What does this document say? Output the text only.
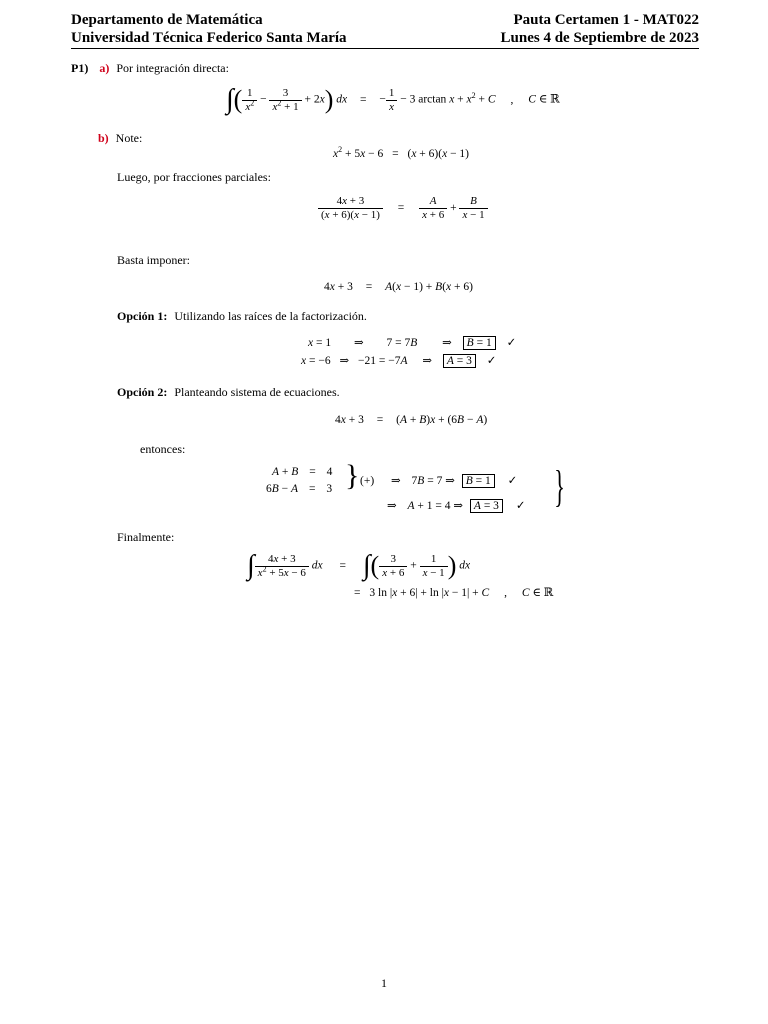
Departamento de Matemática
Universidad Técnica Federico Santa María
Pauta Certamen 1 - MAT022
Lunes 4 de Septiembre de 2023
P1) a) Por integración directa:
∫( $\frac{1}{x^2} - \frac{3}{x^2 + 1} + 2x$) dx = − $\frac{1}{x} - 3$ $\arctan x + x^2 + C$ , C ∈ ℝ
b) Note:
$x^2 + 5x - 6 = (x + 6)(x - 1)$
Luego, por fracciones parciales:
$\frac{4x + 3}{(x + 6)(x - 1)} = \frac{A}{x + 6} + \frac{B}{x - 1}$
Basta imponer:
4x + 3 = A(x − 1) + B(x + 6)
Opción 1: Utilizando las raíces de la factorización.
x = 1 ⇒ 7 = 7B ⇒ B = 1 ✓
x = −6 ⇒ −21 = −7A ⇒ A = 3 ✓
Opción 2: Planteando sistema de ecuaciones.
4x + 3 = (A + B)x + (6B − A)
entonces:
A + B = 4
6B − A = 3 } (+) ⇒ 7B = 7 ⇒ B = 1 ✓
⇒ A + 1 = 4 ⇒ A = 3 ✓ }
Finalmente:
∫ $\frac{4x + 3}{x^2 + 5x - 6}$ dx = ∫( $\frac{3}{x + 6} + \frac{1}{x - 1}$ ) dx
= 3 ln |x + 6| + ln |x − 1| + C , C ∈ ℝ
1
